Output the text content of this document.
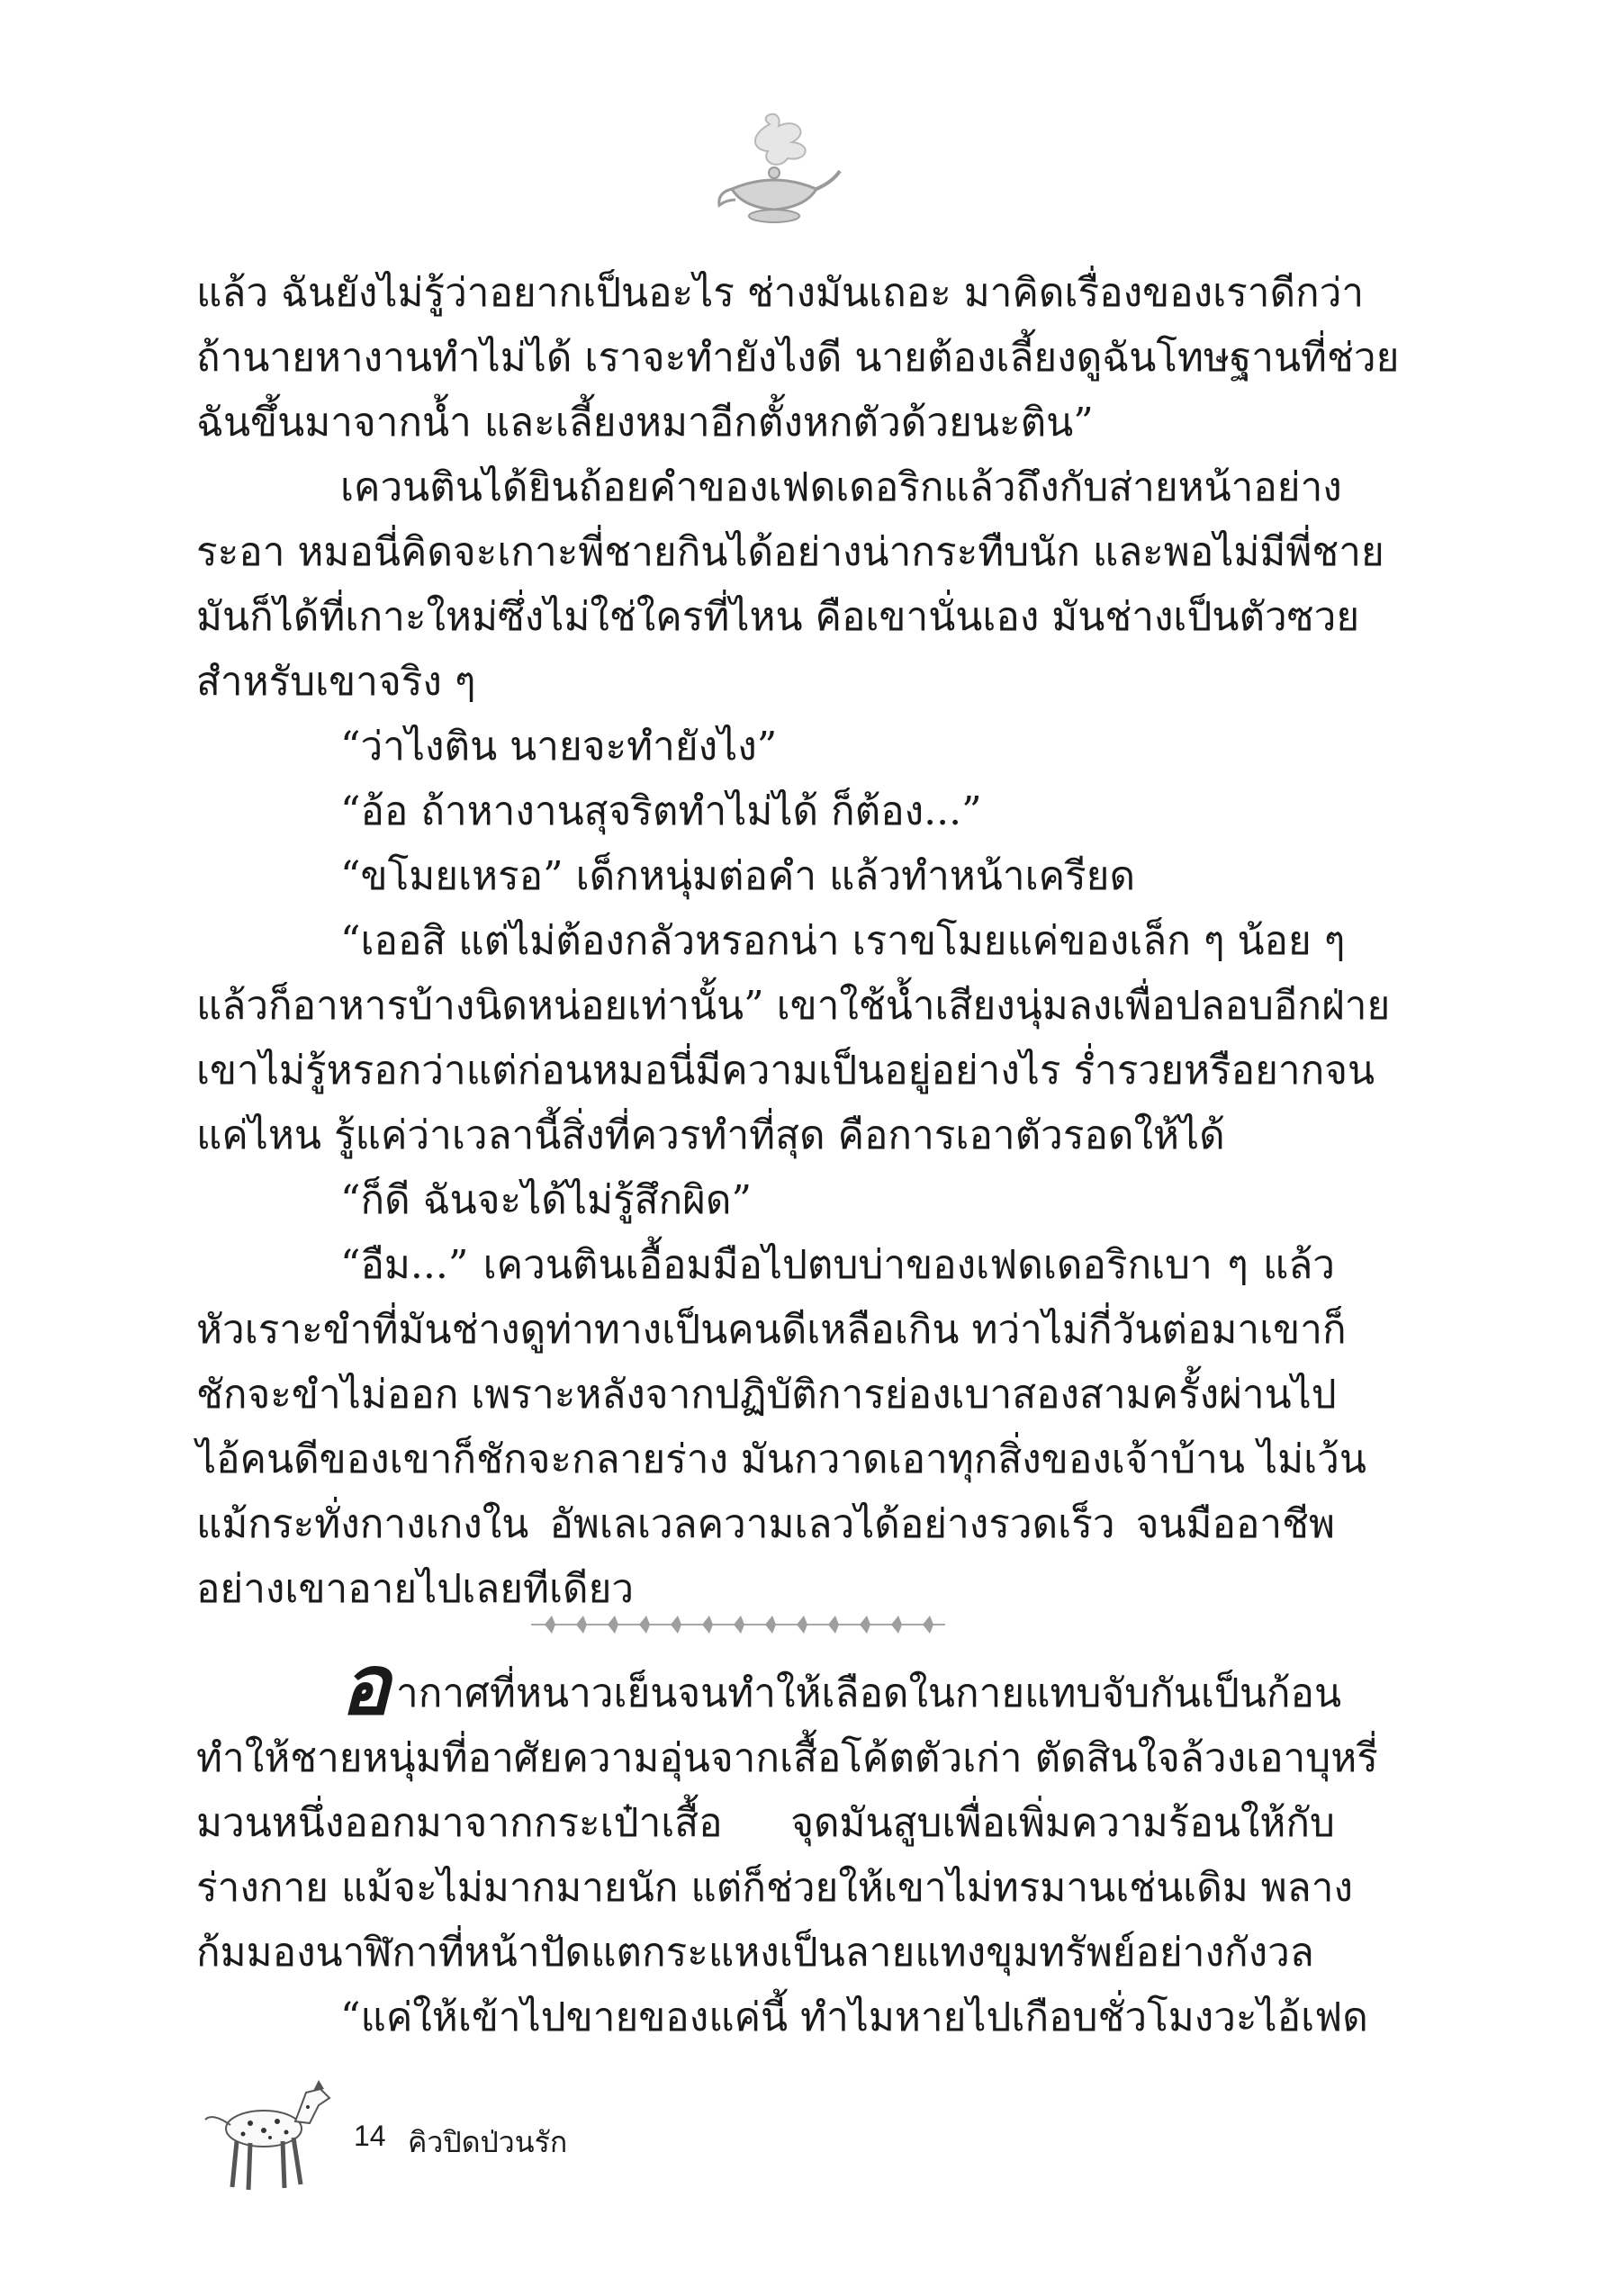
แล้ว ฉันยังไม่รู้ว่าอยากเป็นอะไร ช่างมันเถอะ มาคิดเรื่องของเราดีกว่า
ถ้านายหางานทำไม่ได้ เราจะทำยังไงดี นายต้องเลี้ยงดูฉันโทษฐานที่ช่วย
ฉันขึ้นมาจากน้ำ และเลี้ยงหมาอีกตั้งหกตัวด้วยนะติน”
เควนตินได้ยินถ้อยคำของเฟดเดอริกแล้วถึงกับส่ายหน้าอย่าง
ระอา หมอนี่คิดจะเกาะพี่ชายกินได้อย่างน่ากระทืบนัก และพอไม่มีพี่ชาย
มันก็ได้ที่เกาะใหม่ซึ่งไม่ใช่ใครที่ไหน คือเขานั่นเอง มันช่างเป็นตัวซวย
สำหรับเขาจริง ๆ
“ว่าไงติน นายจะทำยังไง”
“อ้อ ถ้าหางานสุจริตทำไม่ได้ ก็ต้อง...”
“ขโมยเหรอ” เด็กหนุ่มต่อคำ แล้วทำหน้าเครียด
“เออสิ แต่ไม่ต้องกลัวหรอกน่า เราขโมยแค่ของเล็ก ๆ น้อย ๆ
แล้วก็อาหารบ้างนิดหน่อยเท่านั้น” เขาใช้น้ำเสียงนุ่มลงเพื่อปลอบอีกฝ่าย
เขาไม่รู้หรอกว่าแต่ก่อนหมอนี่มีความเป็นอยู่อย่างไร ร่ำรวยหรือยากจน
แค่ไหน รู้แค่ว่าเวลานี้สิ่งที่ควรทำที่สุด คือการเอาตัวรอดให้ได้
“ก็ดี ฉันจะได้ไม่รู้สึกผิด”
“อืม...” เควนตินเอื้อมมือไปตบบ่าของเฟดเดอริกเบา ๆ แล้ว
หัวเราะขำที่มันช่างดูท่าทางเป็นคนดีเหลือเกิน ทว่าไม่กี่วันต่อมาเขาก็
ชักจะขำไม่ออก เพราะหลังจากปฏิบัติการย่องเบาสองสามครั้งผ่านไป
ไอ้คนดีของเขาก็ชักจะกลายร่าง มันกวาดเอาทุกสิ่งของเจ้าบ้าน ไม่เว้น
แม้กระทั่งกางเกงใน อัพเลเวลความเลวได้อย่างรวดเร็ว จนมืออาชีพ
อย่างเขาอายไปเลยทีเดียว
อ ากาศที่หนาวเย็นจนทำให้เลือดในกายแทบจับกันเป็นก้อน
ทำให้ชายหนุ่มที่อาศัยความอุ่นจากเสื้อโค้ตตัวเก่า ตัดสินใจล้วงเอาบุหรี่
มวนหนึ่งออกมาจากกระเป๋าเสื้อ จุดมันสูบเพื่อเพิ่มความร้อนให้กับ
ร่างกาย แม้จะไม่มากมายนัก แต่ก็ช่วยให้เขาไม่ทรมานเช่นเดิม พลาง
ก้มมองนาฬิกาที่หน้าปัดแตกระแหงเป็นลายแทงขุมทรัพย์อย่างกังวล
“แค่ให้เข้าไปขายของแค่นี้ ทำไมหายไปเกือบชั่วโมงวะไอ้เฟด
14 คิวปิดป่วนรัก
